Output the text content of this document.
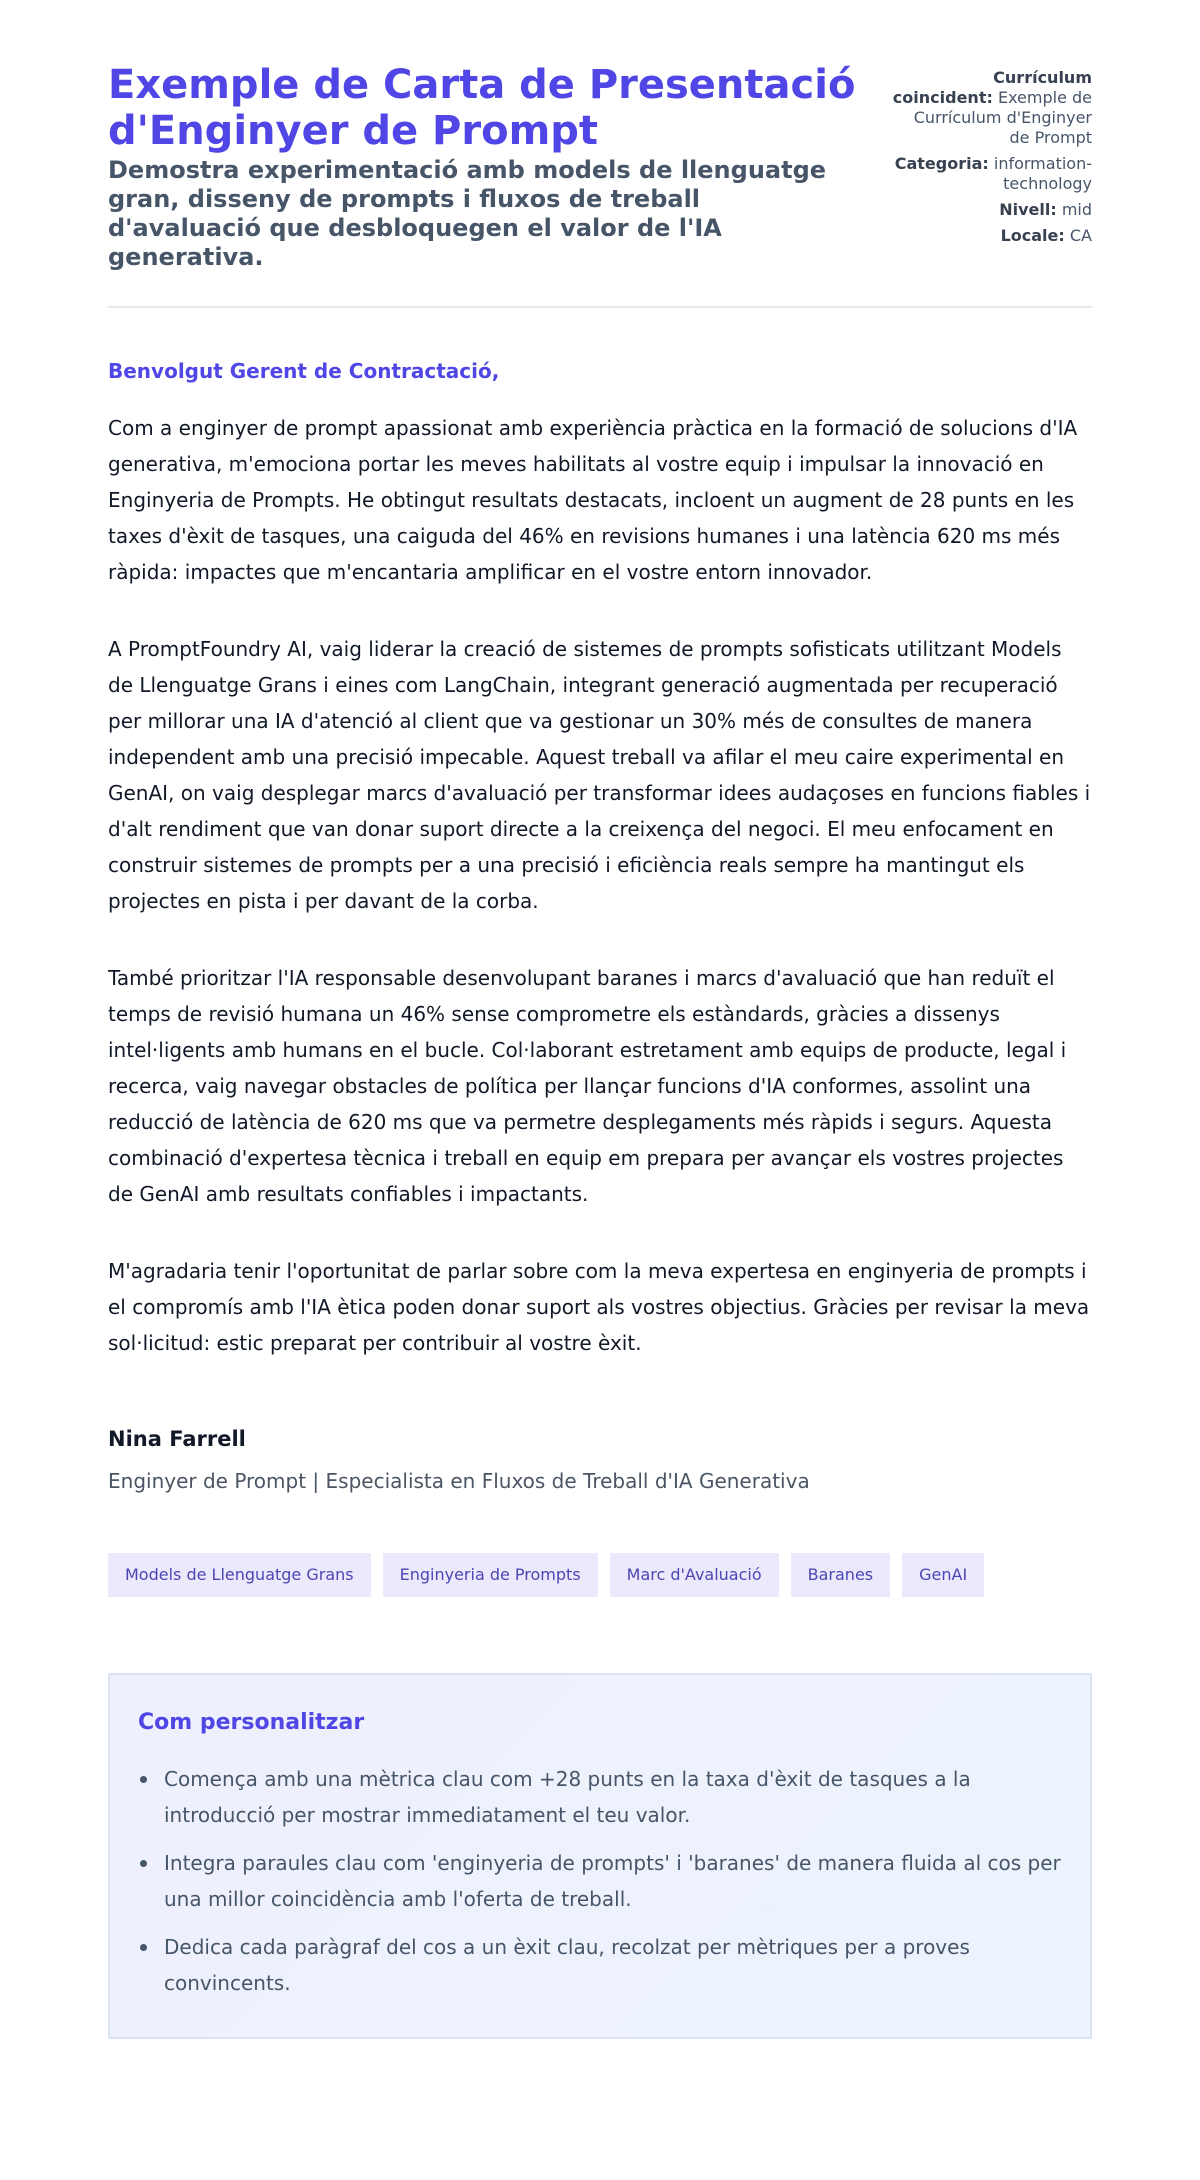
Exemple de Carta de Presentació d'Enginyer de Prompt
Demostra experimentació amb models de llenguatge gran, disseny de prompts i fluxos de treball d'avaluació que desbloquegen el valor de l'IA generativa.
Currículum coincident: Exemple de Currículum d'Enginyer de Prompt
Categoria: information-technology
Nivell: mid
Locale: CA

Benvolgut Gerent de Contractació,

Com a enginyer de prompt apassionat amb experiència pràctica en la formació de solucions d'IA generativa, m'emociona portar les meves habilitats al vostre equip i impulsar la innovació en Enginyeria de Prompts. He obtingut resultats destacats, incloent un augment de 28 punts en les taxes d'èxit de tasques, una caiguda del 46% en revisions humanes i una latència 620 ms més ràpida: impactes que m'encantaria amplificar en el vostre entorn innovador.

A PromptFoundry AI, vaig liderar la creació de sistemes de prompts sofisticats utilitzant Models de Llenguatge Grans i eines com LangChain, integrant generació augmentada per recuperació per millorar una IA d'atenció al client que va gestionar un 30% més de consultes de manera independent amb una precisió impecable. Aquest treball va afilar el meu caire experimental en GenAI, on vaig desplegar marcs d'avaluació per transformar idees audaçoses en funcions fiables i d'alt rendiment que van donar suport directe a la creixença del negoci. El meu enfocament en construir sistemes de prompts per a una precisió i eficiència reals sempre ha mantingut els projectes en pista i per davant de la corba.

També prioritzar l'IA responsable desenvolupant baranes i marcs d'avaluació que han reduït el temps de revisió humana un 46% sense comprometre els estàndards, gràcies a dissenys intel·ligents amb humans en el bucle. Col·laborant estretament amb equips de producte, legal i recerca, vaig navegar obstacles de política per llançar funcions d'IA conformes, assolint una reducció de latència de 620 ms que va permetre desplegaments més ràpids i segurs. Aquesta combinació d'expertesa tècnica i treball en equip em prepara per avançar els vostres projectes de GenAI amb resultats confiables i impactants.

M'agradaria tenir l'oportunitat de parlar sobre com la meva expertesa en enginyeria de prompts i el compromís amb l'IA ètica poden donar suport als vostres objectius. Gràcies per revisar la meva sol·licitud: estic preparat per contribuir al vostre èxit.

Nina Farrell
Enginyer de Prompt | Especialista en Fluxos de Treball d'IA Generativa
Models de Llenguatge Grans	Enginyeria de Prompts	Marc d'Avaluació	Baranes	GenAI
Com personalitzar
Comença amb una mètrica clau com +28 punts en la taxa d'èxit de tasques a la introducció per mostrar immediatament el teu valor.
Integra paraules clau com 'enginyeria de prompts' i 'baranes' de manera fluida al cos per una millor coincidència amb l'oferta de treball.
Dedica cada paràgraf del cos a un èxit clau, recolzat per mètriques per a proves convincents.
